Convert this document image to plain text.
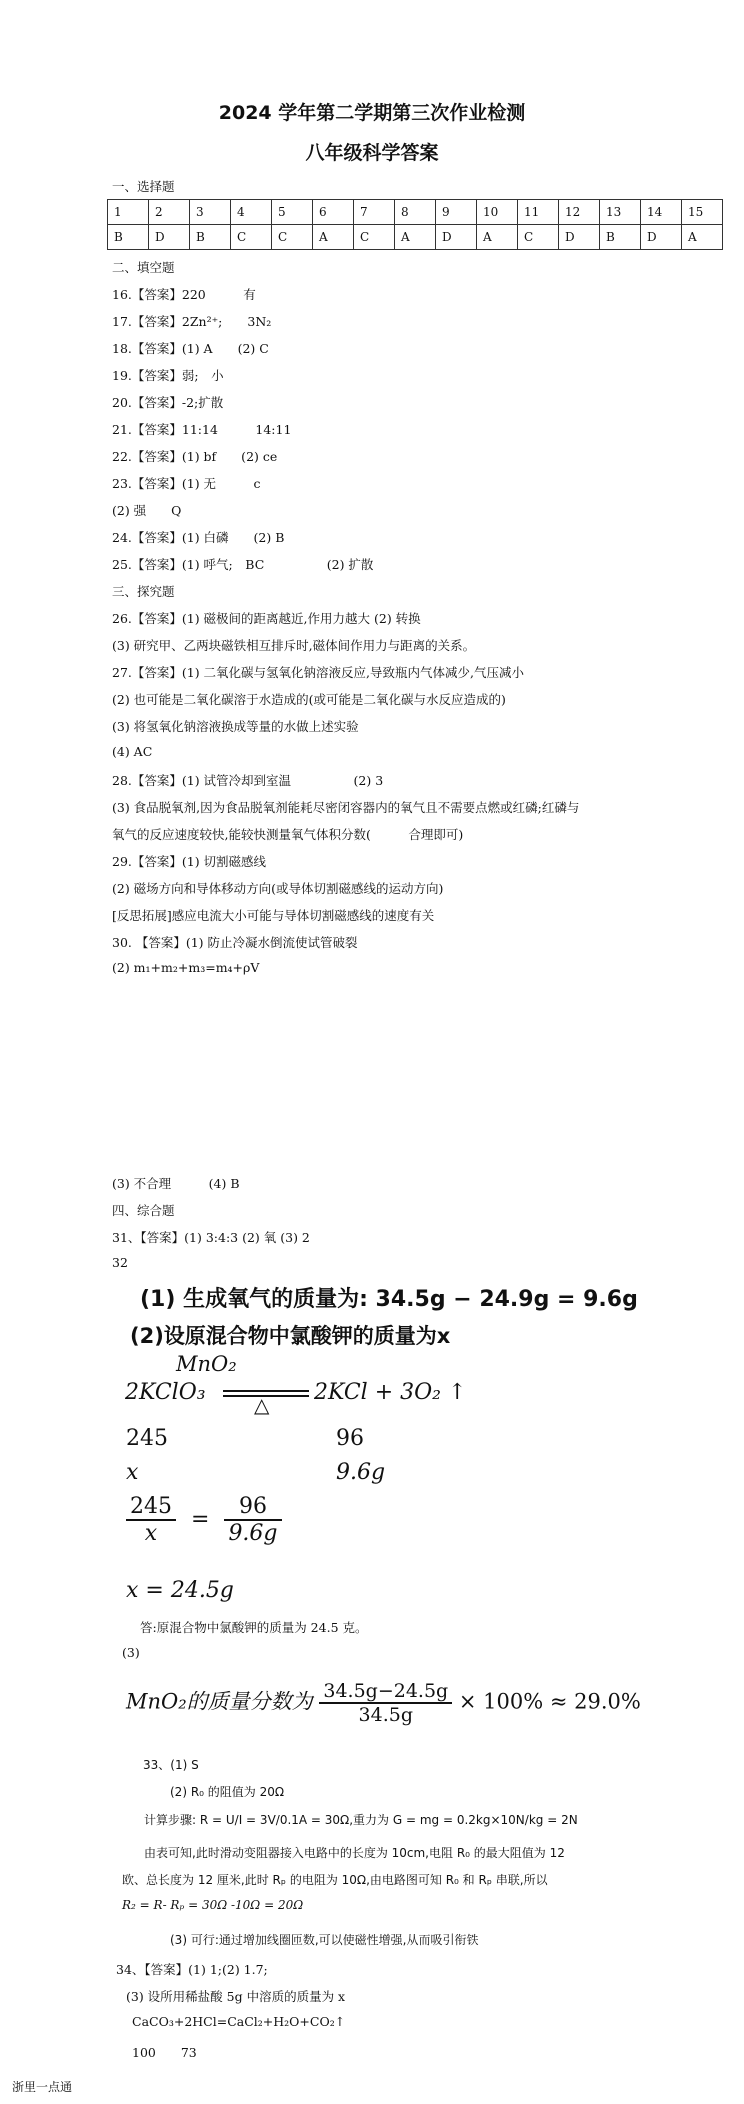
2024 学年第二学期第三次作业检测
八年级科学答案
一、选择题
1	2	3	4	5	6	7	8	9	10	11	12	13	14	15
B	D	B	C	C	A	C	A	D	A	C	D	B	D	A
二、填空题
16.【答案】220　　　有
17.【答案】2Zn²⁺;　　3N₂
18.【答案】(1) A　　(2) C
19.【答案】弱;　小
20.【答案】-2;扩散
21.【答案】11:14　　　14:11
22.【答案】(1) bf　　(2) ce
23.【答案】(1) 无　　　c
(2) 强　　Q
24.【答案】(1) 白磷　　(2) B
25.【答案】(1) 呼气;　BC　　　　　(2) 扩散
三、探究题
26.【答案】(1) 磁极间的距离越近,作用力越大 (2) 转换
(3) 研究甲、乙两块磁铁相互排斥时,磁体间作用力与距离的关系。
27.【答案】(1) 二氧化碳与氢氧化钠溶液反应,导致瓶内气体减少,气压减小
(2) 也可能是二氧化碳溶于水造成的(或可能是二氧化碳与水反应造成的)
(3) 将氢氧化钠溶液换成等量的水做上述实验
(4) AC
28.【答案】(1) 试管冷却到室温　　　　　(2) 3
(3) 食品脱氧剂,因为食品脱氧剂能耗尽密闭容器内的氧气且不需要点燃或红磷;红磷与
氧气的反应速度较快,能较快测量氧气体积分数(　　　合理即可)
29.【答案】(1) 切割磁感线
(2) 磁场方向和导体移动方向(或导体切割磁感线的运动方向)
[反思拓展]感应电流大小可能与导体切割磁感线的速度有关
30. 【答案】(1) 防止冷凝水倒流使试管破裂
(2) m₁+m₂+m₃=m₄+ρV
(3) 不合理　　　(4) B
四、综合题
31、【答案】(1) 3:4:3 (2) 氧 (3) 2
32
(1) 生成氧气的质量为: 34.5g − 24.9g = 9.6g
(2)设原混合物中氯酸钾的质量为x
MnO₂
2KClO₃ △ 2KCl + 3O₂ ↑
245	96
x	9.6g
$\frac{245}{x} = \frac{96}{9.6g}$
x = 24.5g
答:原混合物中氯酸钾的质量为 24.5 克。
(3)
MnO₂的质量分数为 $\frac{34.5g-24.5g}{34.5g} \times 100\% \approx 29.0\%$
33、(1) S
(2) R₀ 的阻值为 20Ω
计算步骤: R = U/I = 3V/0.1A = 30Ω,重力为 G = mg = 0.2kg×10N/kg = 2N
由表可知,此时滑动变阻器接入电路中的长度为 10cm,电阻 R₀ 的最大阻值为 12
欧、总长度为 12 厘米,此时 Rₚ 的电阻为 10Ω,由电路图可知 R₀ 和 Rₚ 串联,所以
R₂ = R- Rₚ = 30Ω -10Ω = 20Ω
(3) 可行:通过增加线圈匝数,可以使磁性增强,从而吸引衔铁
34、【答案】(1) 1;(2) 1.7;
(3) 设所用稀盐酸 5g 中溶质的质量为 x
CaCO₃+2HCl=CaCl₂+H₂O+CO₂↑
100　　73
浙里一点通
